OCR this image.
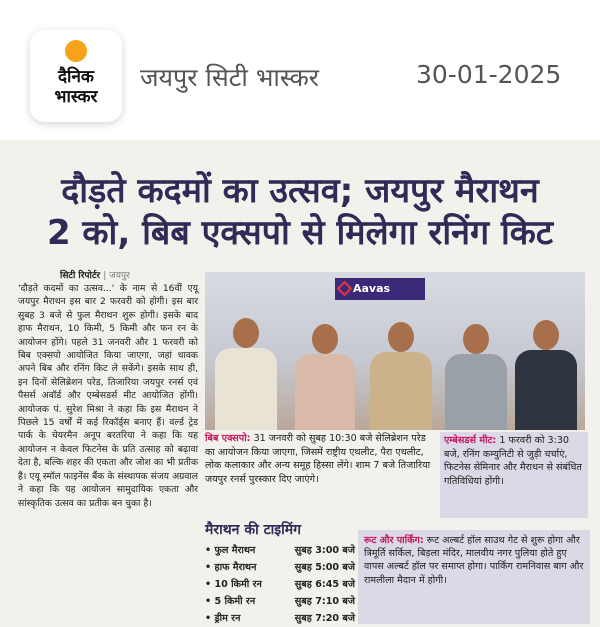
दैनिक
भास्कर
जयपुर सिटी भास्कर	30-01-2025
दौड़ते कदमों का उत्सव; जयपुर मैराथन
2 को, बिब एक्सपो से मिलेगा रनिंग किट
सिटी रिपोर्टर | जयपुर
'दौड़ते कदमों का उत्सव...' के नाम से 16वीं एयू जयपुर मैराथन इस बार 2 फरवरी को होगी। इस बार सुबह 3 बजे से फुल मैराथन शुरू होगी। इसके बाद हाफ मैराथन, 10 किमी, 5 किमी और फन रन के आयोजन होंगे। पहले 31 जनवरी और 1 फरवरी को बिब एक्सपो आयोजित किया जाएगा, जहां धावक अपने बिब और रनिंग किट ले सकेंगे। इसके साथ ही, इन दिनों सेलिब्रेशन परेड, तिजारिया जयपुर रनर्स एवं पैसर्स अवॉर्ड और एम्बेसडर्स मीट आयोजित होंगी। आयोजक पं. सुरेश मिश्रा ने कहा कि इस मैराथन ने पिछले 15 वर्षों में कई रिकॉर्ड्स बनाए हैं। वर्ल्ड ट्रेड पार्क के चेयरमैन अनूप बरतरिया ने कहा कि यह आयोजन न केवल फिटनेस के प्रति उत्साह को बढ़ावा देता है, बल्कि शहर की एकता और जोश का भी प्रतीक है। एयू स्मॉल फाइनेंस बैंक के संस्थापक संजय अग्रवाल ने कहा कि यह आयोजन सामुदायिक एकता और सांस्कृतिक उत्सव का प्रतीक बन चुका है।
Aavas
बिब एक्सपो: 31 जनवरी को सुबह 10:30 बजे सेलिब्रेशन परेड का आयोजन किया जाएगा, जिसमें राष्ट्रीय एथलीट, पैरा एथलीट, लोक कलाकार और अन्य समूह हिस्सा लेंगे। शाम 7 बजे तिजारिया जयपुर रनर्स पुरस्कार दिए जाएंगे।
एम्बेसडर्स मीट: 1 फरवरी को 3:30 बजे, रनिंग कम्युनिटी से जुड़ी चर्चाएं, फिटनेस सेमिनार और मैराथन से संबंधित गतिविधियां होंगी।
मैराथन की टाइमिंग
• फुल मैराथन	सुबह 3:00 बजे
• हाफ मैराथन	सुबह 5:00 बजे
• 10 किमी रन	सुबह 6:45 बजे
• 5 किमी रन	सुबह 7:10 बजे
• ड्रीम रन	सुबह 7:20 बजे
रूट और पार्किंग: रूट अल्बर्ट हॉल साउथ गेट से शुरू होगा और त्रिमूर्ति सर्किल, बिड़ला मंदिर, मालवीय नगर पुलिया होते हुए वापस अल्बर्ट हॉल पर समाप्त होगा। पार्किंग रामनिवास बाग और रामलीला मैदान में होगी।
